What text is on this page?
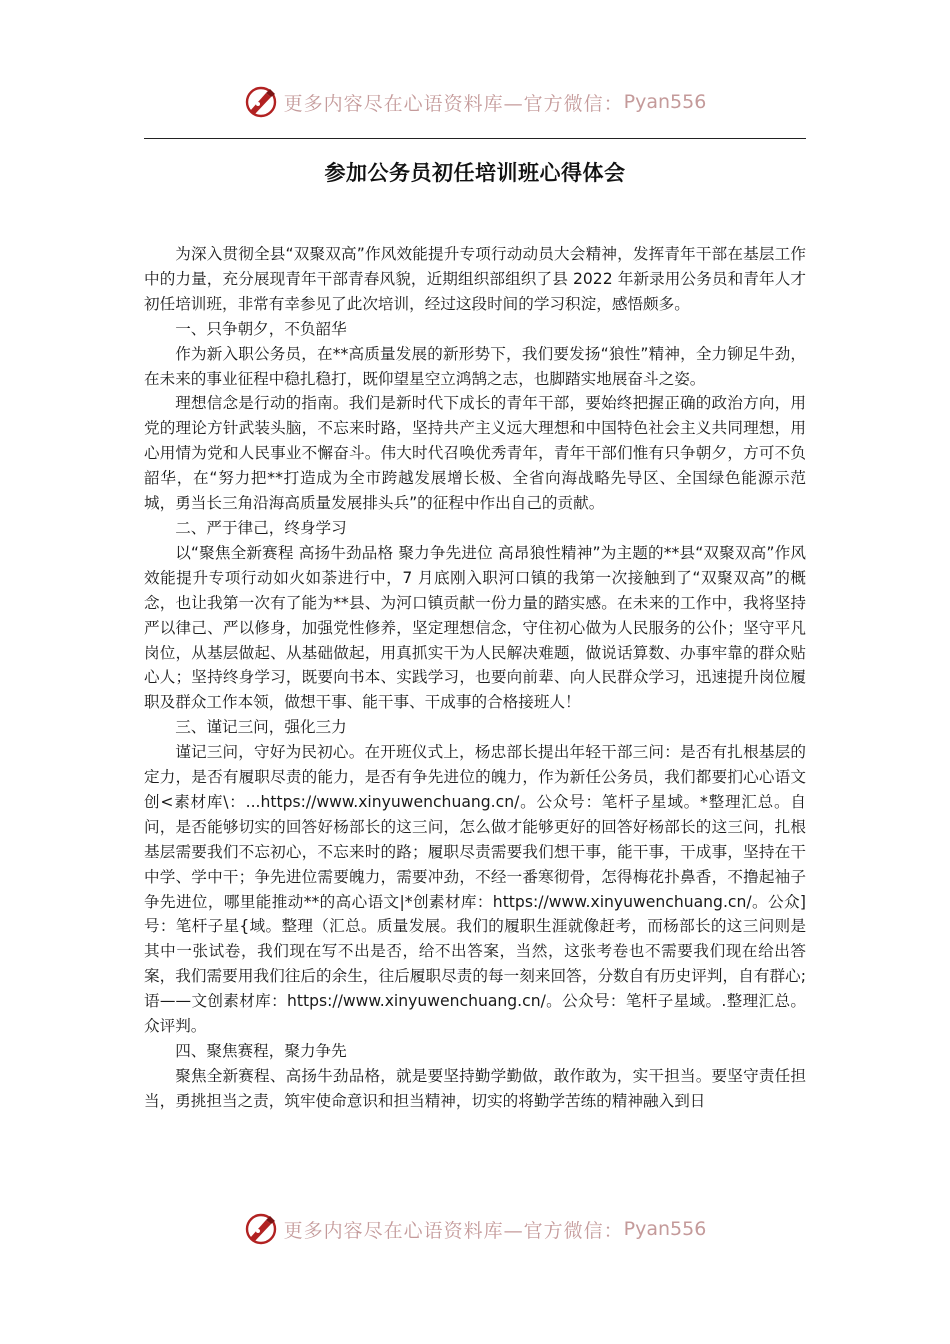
更多内容尽在心语资料库—官方微信： Pyan556
参加公务员初任培训班心得体会

为深入贯彻全县“双聚双高”作风效能提升专项行动动员大会精神，发挥青年干部在基层工作中的力量，充分展现青年干部青春风貌，近期组织部组织了县 2022 年新录用公务员和青年人才初任培训班，非常有幸参见了此次培训，经过这段时间的学习积淀，感悟颇多。

一、只争朝夕，不负韶华

作为新入职公务员，在**高质量发展的新形势下，我们要发扬“狼性”精神，全力铆足牛劲，在未来的事业征程中稳扎稳打，既仰望星空立鸿鹄之志，也脚踏实地展奋斗之姿。

理想信念是行动的指南。我们是新时代下成长的青年干部，要始终把握正确的政治方向，用党的理论方针武装头脑，不忘来时路，坚持共产主义远大理想和中国特色社会主义共同理想，用心用情为党和人民事业不懈奋斗。伟大时代召唤优秀青年，青年干部们惟有只争朝夕，方可不负韶华，在“努力把**打造成为全市跨越发展增长极、全省向海战略先导区、全国绿色能源示范城，勇当长三角沿海高质量发展排头兵”的征程中作出自己的贡献。

二、严于律己，终身学习

以“聚焦全新赛程 高扬牛劲品格 聚力争先进位 高昂狼性精神”为主题的**县“双聚双高”作风效能提升专项行动如火如荼进行中，7 月底刚入职河口镇的我第一次接触到了“双聚双高”的概念，也让我第一次有了能为**县、为河口镇贡献一份力量的踏实感。在未来的工作中，我将坚持严以律己、严以修身，加强党性修养，坚定理想信念，守住初心做为人民服务的公仆；坚守平凡岗位，从基层做起、从基础做起，用真抓实干为人民解决难题，做说话算数、办事牢靠的群众贴心人；坚持终身学习，既要向书本、实践学习，也要向前辈、向人民群众学习，迅速提升岗位履职及群众工作本领，做想干事、能干事、干成事的合格接班人！

三、谨记三问，强化三力

谨记三问，守好为民初心。在开班仪式上，杨忠部长提出年轻干部三问：是否有扎根基层的定力，是否有履职尽责的能力，是否有争先进位的魄力，作为新任公务员，我们都要扪心心语文创<素材库\：...https://www.xinyuwenchuang.cn/。公众号：笔杆子星域。*整理汇总。自问，是否能够切实的回答好杨部长的这三问，怎么做才能够更好的回答好杨部长的这三问，扎根基层需要我们不忘初心，不忘来时的路；履职尽责需要我们想干事，能干事，干成事，坚持在干中学、学中干；争先进位需要魄力，需要冲劲，不经一番寒彻骨，怎得梅花扑鼻香，不撸起袖子争先进位，哪里能推动**的高心语文|*创素材库：https://www.xinyuwenchuang.cn/。公众]号：笔杆子星{域。整理（汇总。质量发展。我们的履职生涯就像赶考，而杨部长的这三问则是其中一张试卷，我们现在写不出是否，给不出答案，当然，这张考卷也不需要我们现在给出答案，我们需要用我们往后的余生，往后履职尽责的每一刻来回答，分数自有历史评判，自有群心;语——文创素材库：https://www.xinyuwenchuang.cn/。公众号：笔杆子星域。.整理汇总。众评判。

四、聚焦赛程，聚力争先

聚焦全新赛程、高扬牛劲品格，就是要坚持勤学勤做，敢作敢为，实干担当。要坚守责任担当，勇挑担当之责，筑牢使命意识和担当精神，切实的将勤学苦练的精神融入到日

更多内容尽在心语资料库—官方微信： Pyan556
